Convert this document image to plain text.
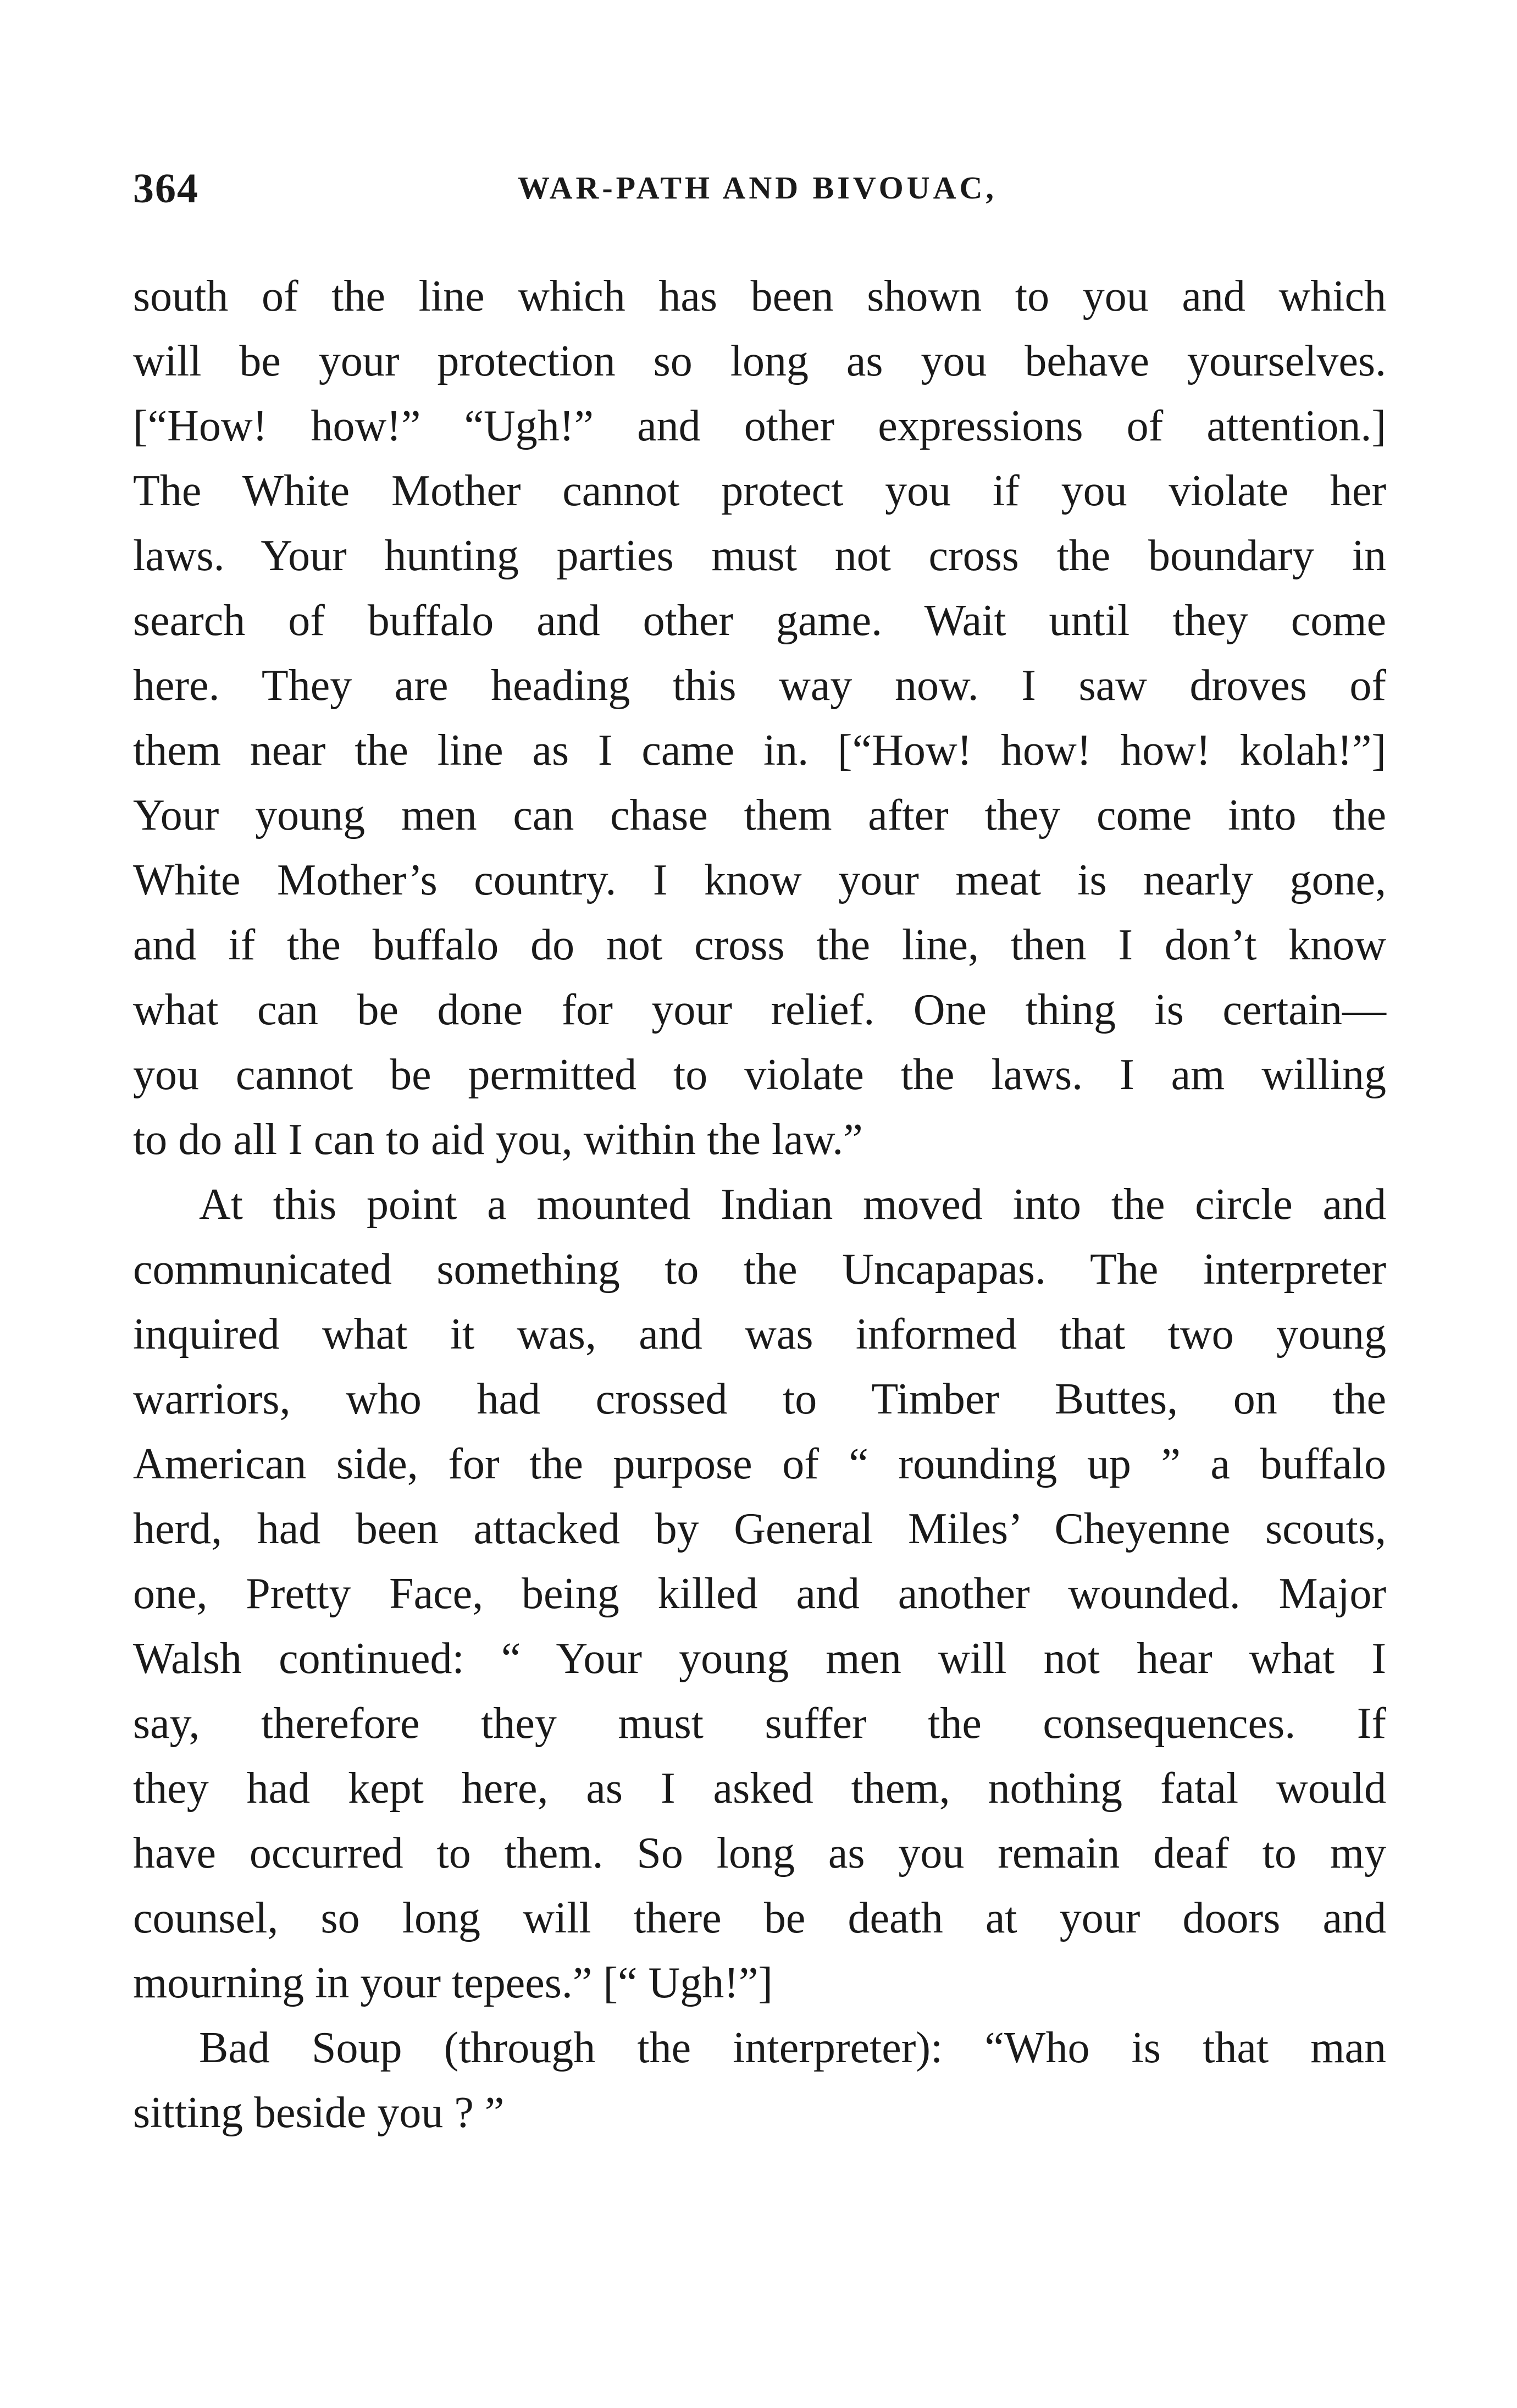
364	WAR-PATH AND BIVOUAC,
south of the line which has been shown to you and which
will be your protection so long as you behave yourselves.
[“How! how!” “Ugh!” and other expressions of attention.]
The White Mother cannot protect you if you violate her
laws. Your hunting parties must not cross the boundary in
search of buffalo and other game. Wait until they come
here. They are heading this way now. I saw droves of
them near the line as I came in. [“How! how! how! kolah!”]
Your young men can chase them after they come into the
White Mother’s country. I know your meat is nearly gone,
and if the buffalo do not cross the line, then I don’t know
what can be done for your relief. One thing is certain—
you cannot be permitted to violate the laws. I am willing
to do all I can to aid you, within the law.”
At this point a mounted Indian moved into the circle and
communicated something to the Uncapapas. The interpreter
inquired what it was, and was informed that two young
warriors, who had crossed to Timber Buttes, on the
American side, for the purpose of “ rounding up ” a buffalo
herd, had been attacked by General Miles’ Cheyenne scouts,
one, Pretty Face, being killed and another wounded. Major
Walsh continued: “ Your young men will not hear what I
say, therefore they must suffer the consequences. If
they had kept here, as I asked them, nothing fatal would
have occurred to them. So long as you remain deaf to my
counsel, so long will there be death at your doors and
mourning in your tepees.” [“ Ugh!”]
Bad Soup (through the interpreter): “Who is that man
sitting beside you ? ”
